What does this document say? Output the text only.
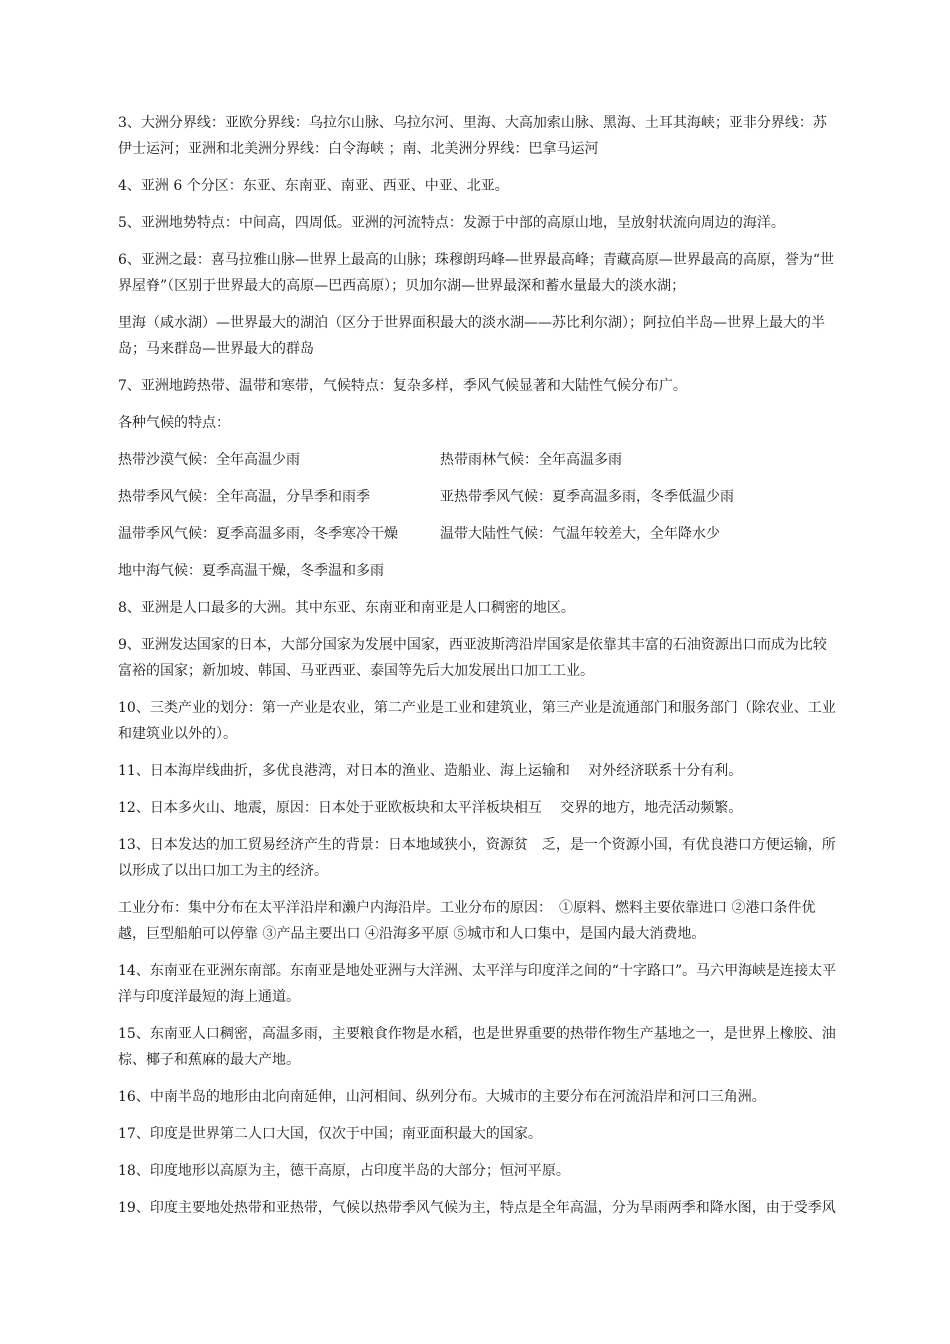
3、大洲分界线：亚欧分界线：乌拉尔山脉、乌拉尔河、里海、大高加索山脉、黑海、土耳其海峡；亚非分界线：苏伊士运河；亚洲和北美洲分界线：白令海峡 ；南、北美洲分界线：巴拿马运河

4、亚洲 6 个分区：东亚、东南亚、南亚、西亚、中亚、北亚。

5、亚洲地势特点：中间高，四周低。亚洲的河流特点：发源于中部的高原山地，呈放射状流向周边的海洋。

6、亚洲之最：喜马拉雅山脉—世界上最高的山脉；珠穆朗玛峰—世界最高峰；青藏高原—世界最高的高原，誉为“世界屋脊”（区别于世界最大的高原—巴西高原）；贝加尔湖—世界最深和蓄水量最大的淡水湖；

里海（咸水湖）—世界最大的湖泊（区分于世界面积最大的淡水湖——苏比利尔湖）；阿拉伯半岛—世界上最大的半岛；马来群岛—世界最大的群岛

7、亚洲地跨热带、温带和寒带，气候特点：复杂多样，季风气候显著和大陆性气候分布广。

各种气候的特点：

热带沙漠气候：全年高温少雨	热带雨林气候：全年高温多雨
热带季风气候：全年高温，分旱季和雨季	亚热带季风气候：夏季高温多雨，冬季低温少雨
温带季风气候：夏季高温多雨，冬季寒冷干燥	温带大陆性气候：气温年较差大，全年降水少
地中海气候：夏季高温干燥，冬季温和多雨

8、亚洲是人口最多的大洲。其中东亚、东南亚和南亚是人口稠密的地区。

9、亚洲发达国家的日本，大部分国家为发展中国家，西亚波斯湾沿岸国家是依靠其丰富的石油资源出口而成为比较富裕的国家；新加坡、韩国、马亚西亚、泰国等先后大加发展出口加工工业。

10、三类产业的划分：第一产业是农业，第二产业是工业和建筑业，第三产业是流通部门和服务部门（除农业、工业和建筑业以外的）。

11、日本海岸线曲折，多优良港湾，对日本的渔业、造船业、海上运输和　 对外经济联系十分有利。

12、日本多火山、地震，原因：日本处于亚欧板块和太平洋板块相互　 交界的地方，地壳活动频繁。

13、日本发达的加工贸易经济产生的背景：日本地域狭小，资源贫　乏，是一个资源小国，有优良港口方便运输，所以形成了以出口加工为主的经济。

工业分布：集中分布在太平洋沿岸和濑户内海沿岸。工业分布的原因：　①原料、燃料主要依靠进口 ②港口条件优越，巨型船舶可以停靠 ③产品主要出口 ④沿海多平原 ⑤城市和人口集中，是国内最大消费地。

14、东南亚在亚洲东南部。东南亚是地处亚洲与大洋洲、太平洋与印度洋之间的“十字路口”。马六甲海峡是连接太平洋与印度洋最短的海上通道。

15、东南亚人口稠密，高温多雨，主要粮食作物是水稻，也是世界重要的热带作物生产基地之一，是世界上橡胶、油棕、椰子和蕉麻的最大产地。

16、中南半岛的地形由北向南延伸，山河相间、纵列分布。大城市的主要分布在河流沿岸和河口三角洲。

17、印度是世界第二人口大国，仅次于中国；南亚面积最大的国家。

18、印度地形以高原为主，德干高原，占印度半岛的大部分；恒河平原。

19、印度主要地处热带和亚热带，气候以热带季风气候为主，特点是全年高温，分为旱雨两季和降水图，由于受季风
